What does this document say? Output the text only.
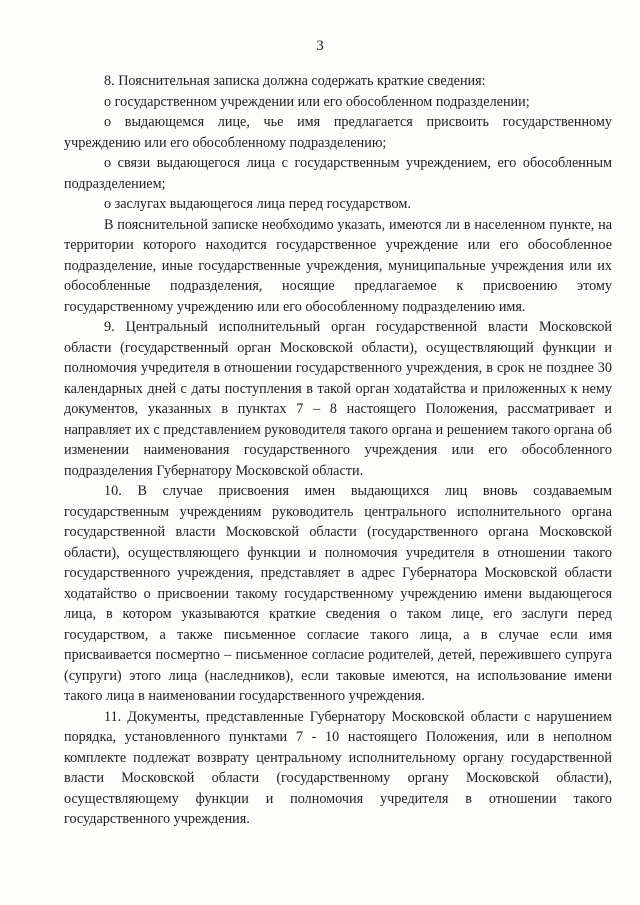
3

8. Пояснительная записка должна содержать краткие сведения:

о государственном учреждении или его обособленном подразделении;

о выдающемся лице, чье имя предлагается присвоить государственному учреждению или его обособленному подразделению;

о связи выдающегося лица с государственным учреждением, его обособленным подразделением;

о заслугах выдающегося лица перед государством.

В пояснительной записке необходимо указать, имеются ли в населенном пункте, на территории которого находится государственное учреждение или его обособленное подразделение, иные государственные учреждения, муниципальные учреждения или их обособленные подразделения, носящие предлагаемое к присвоению этому государственному учреждению или его обособленному подразделению имя.

9. Центральный исполнительный орган государственной власти Московской области (государственный орган Московской области), осуществляющий функции и полномочия учредителя в отношении государственного учреждения, в срок не позднее 30 календарных дней с даты поступления в такой орган ходатайства и приложенных к нему документов, указанных в пунктах 7 – 8 настоящего Положения, рассматривает и направляет их с представлением руководителя такого органа и решением такого органа об изменении наименования государственного учреждения или его обособленного подразделения Губернатору Московской области.

10. В случае присвоения имен выдающихся лиц вновь создаваемым государственным учреждениям руководитель центрального исполнительного органа государственной власти Московской области (государственного органа Московской области), осуществляющего функции и полномочия учредителя в отношении такого государственного учреждения, представляет в адрес Губернатора Московской области ходатайство о присвоении такому государственному учреждению имени выдающегося лица, в котором указываются краткие сведения о таком лице, его заслуги перед государством, а также письменное согласие такого лица, а в случае если имя присваивается посмертно – письменное согласие родителей, детей, пережившего супруга (супруги) этого лица (наследников), если таковые имеются, на использование имени такого лица в наименовании государственного учреждения.

11. Документы, представленные Губернатору Московской области с нарушением порядка, установленного пунктами 7 - 10 настоящего Положения, или в неполном комплекте подлежат возврату центральному исполнительному органу государственной власти Московской области (государственному органу Московской области), осуществляющему функции и полномочия учредителя в отношении такого государственного учреждения.
